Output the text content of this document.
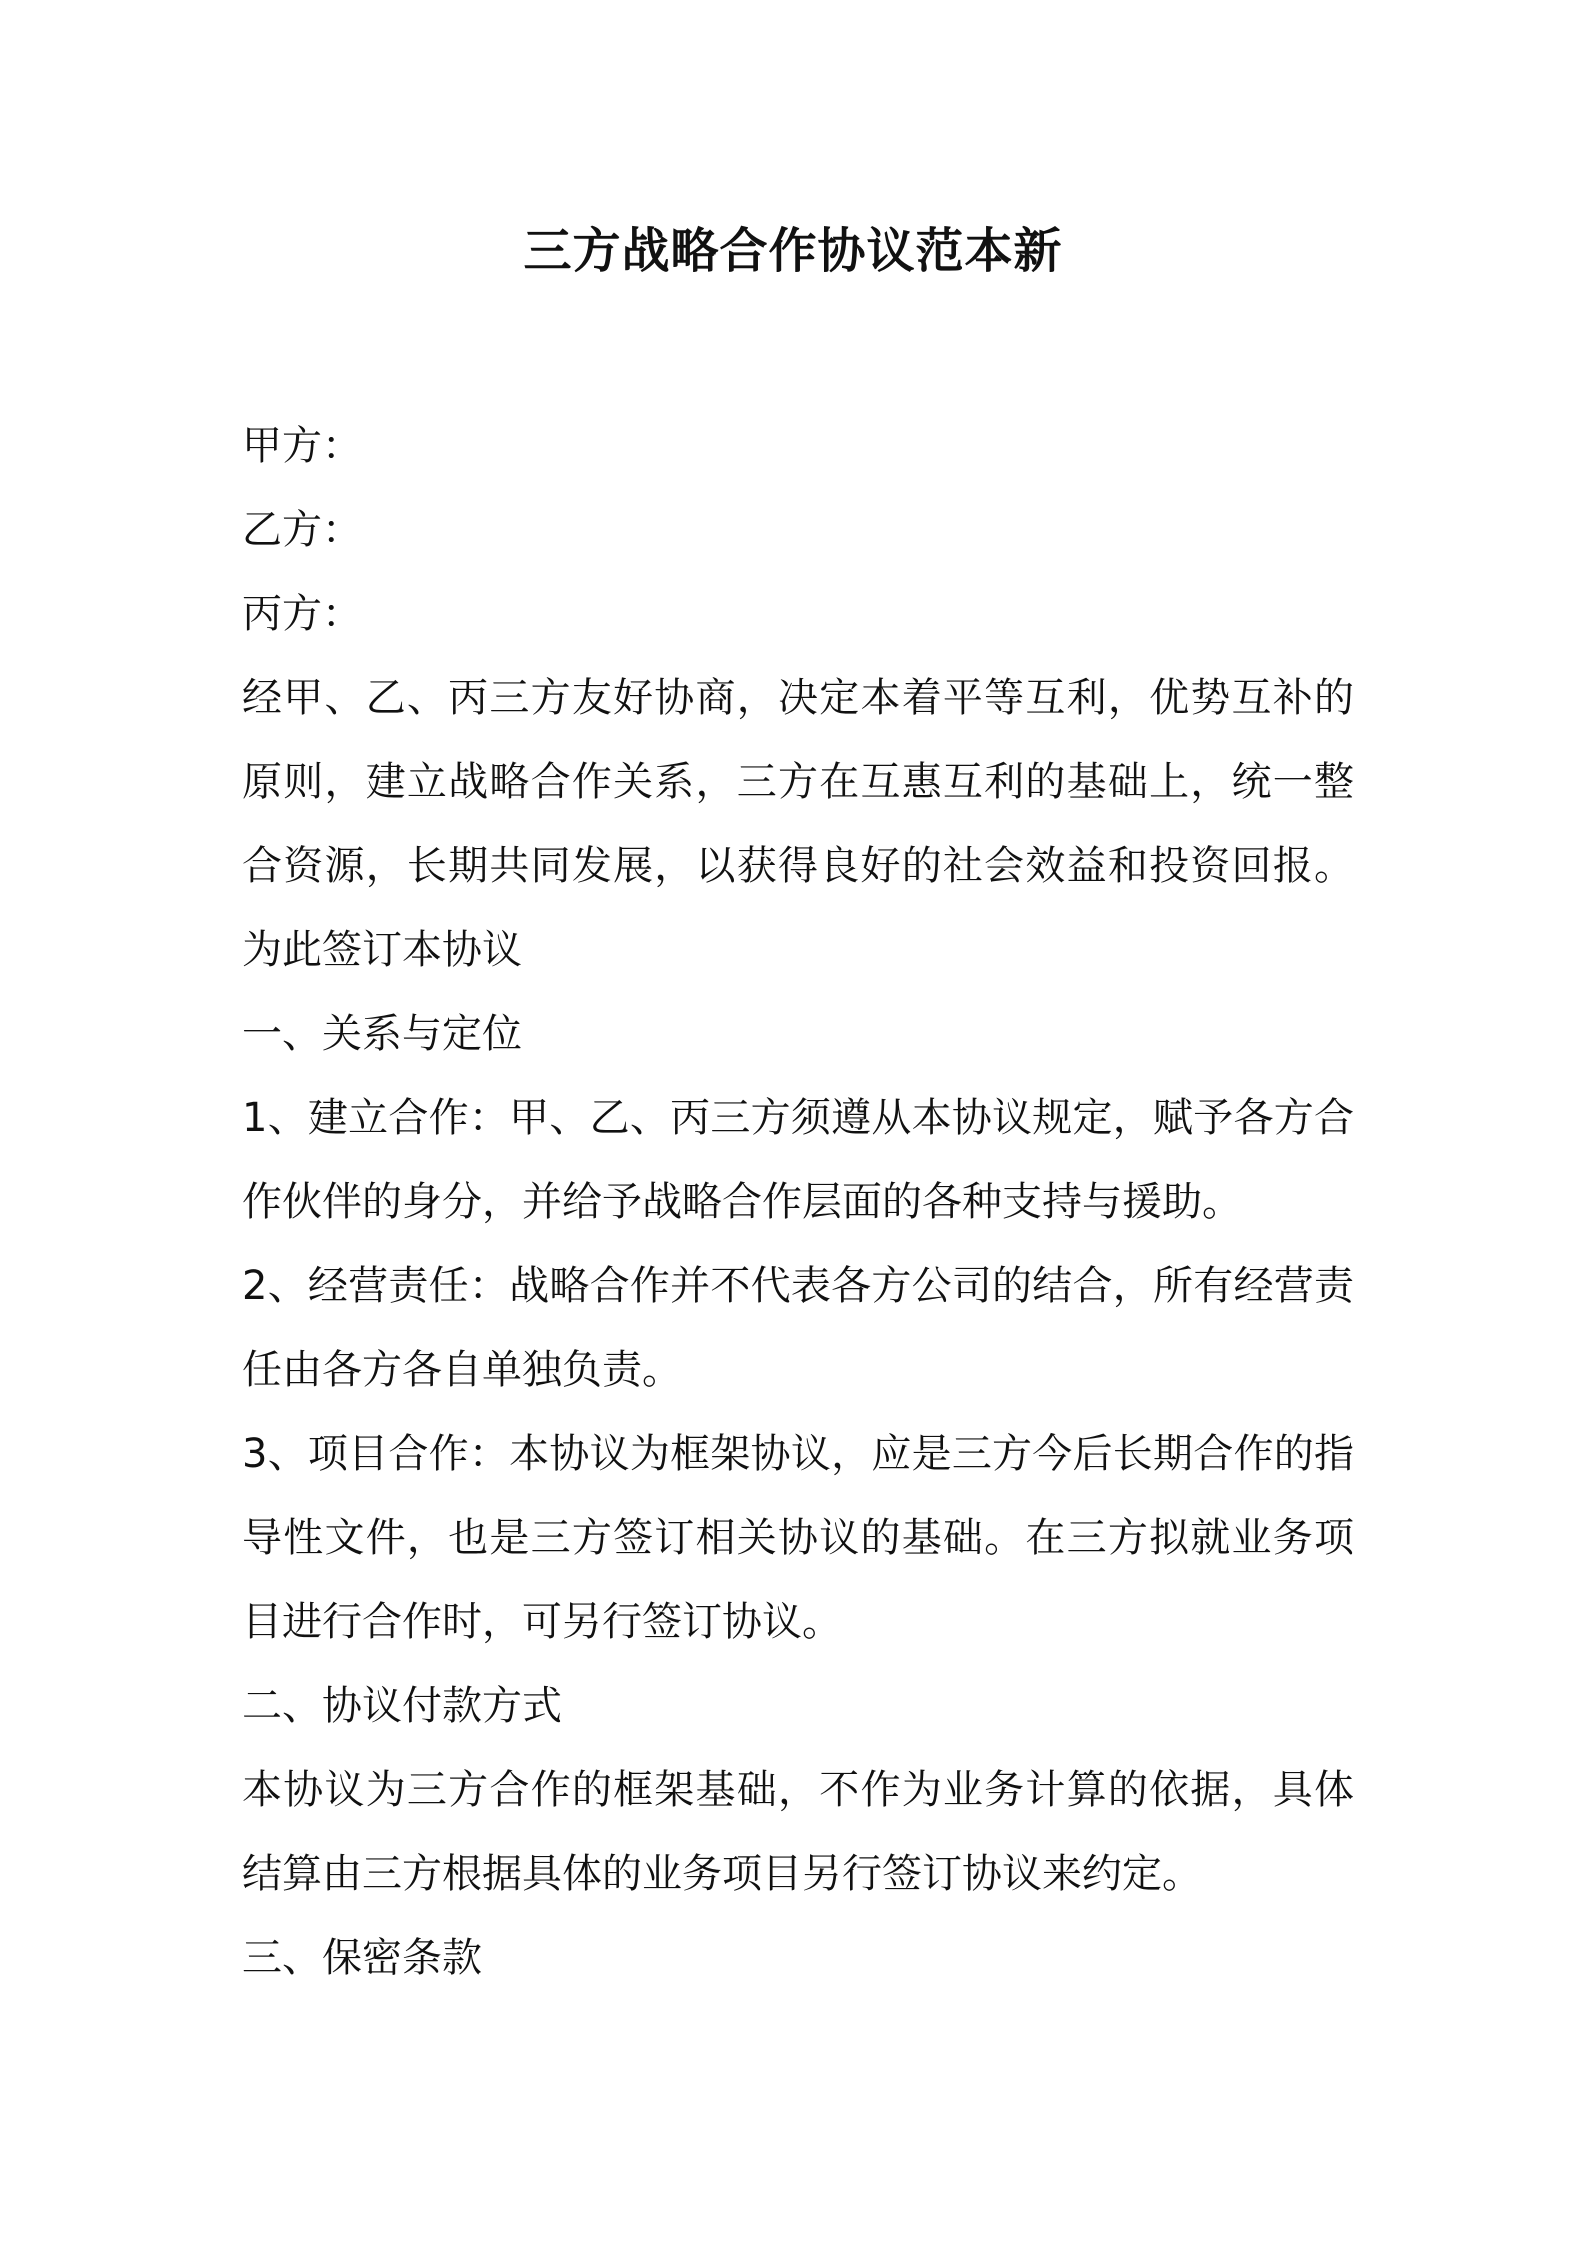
三方战略合作协议范本新

甲方：

乙方：

丙方：

经甲、乙、丙三方友好协商，决定本着平等互利，优势互补的原则，建立战略合作关系，三方在互惠互利的基础上，统一整合资源，长期共同发展，以获得良好的社会效益和投资回报。为此签订本协议

一、关系与定位

1、建立合作：甲、乙、丙三方须遵从本协议规定，赋予各方合作伙伴的身分，并给予战略合作层面的各种支持与援助。

2、经营责任：战略合作并不代表各方公司的结合，所有经营责任由各方各自单独负责。

3、项目合作：本协议为框架协议，应是三方今后长期合作的指导性文件，也是三方签订相关协议的基础。在三方拟就业务项目进行合作时，可另行签订协议。

二、协议付款方式

本协议为三方合作的框架基础，不作为业务计算的依据，具体结算由三方根据具体的业务项目另行签订协议来约定。

三、保密条款
